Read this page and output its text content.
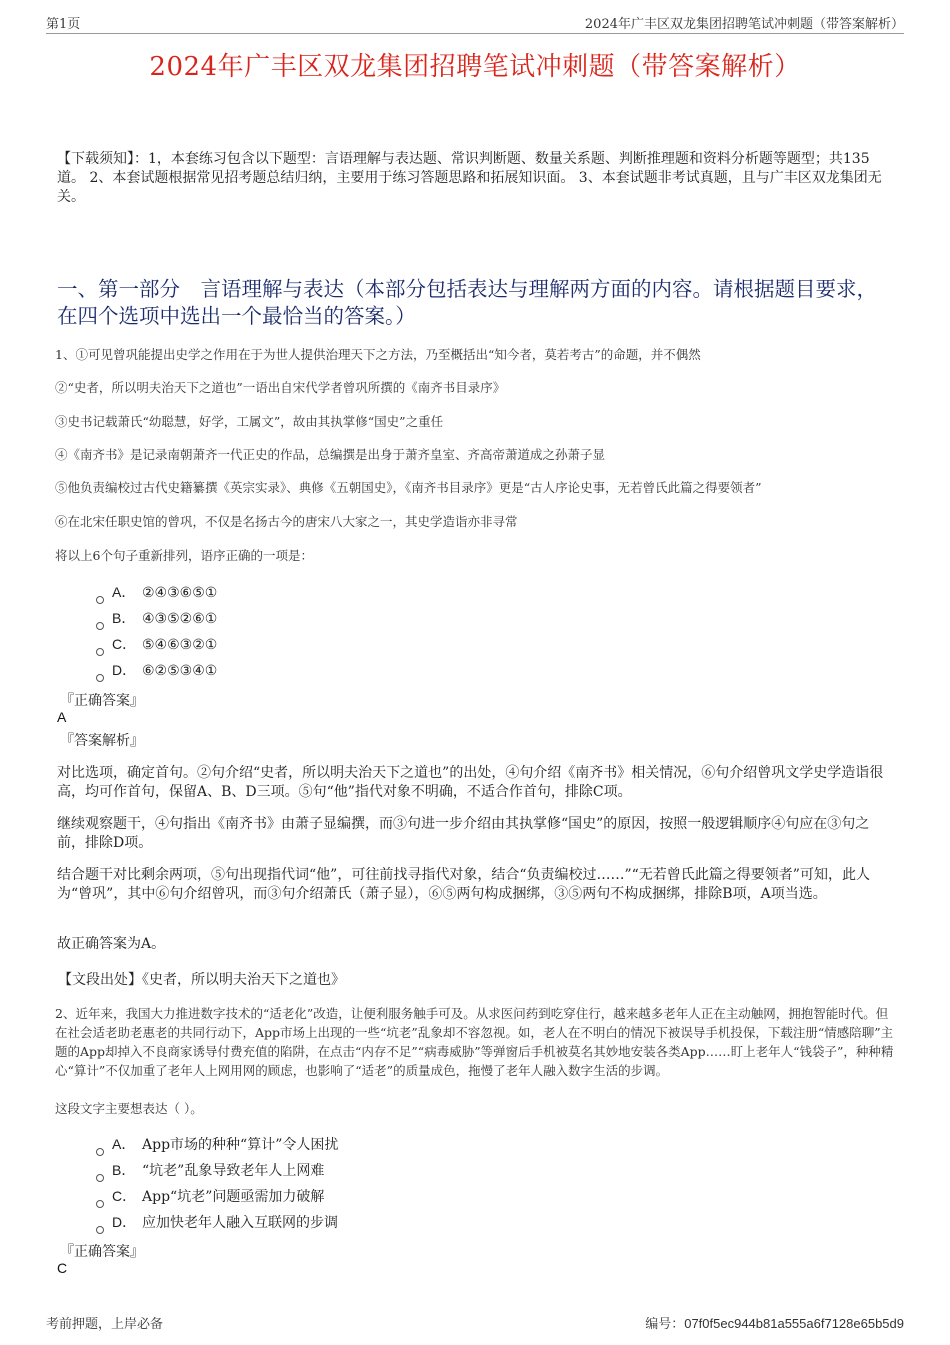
第1页	2024年广丰区双龙集团招聘笔试冲刺题（带答案解析）
2024年广丰区双龙集团招聘笔试冲刺题（带答案解析）
【下载须知】：1，本套练习包含以下题型：言语理解与表达题、常识判断题、数量关系题、判断推理题和资料分析题等题型；共135道。 2、本套试题根据常见招考题总结归纳，主要用于练习答题思路和拓展知识面。 3、本套试题非考试真题，且与广丰区双龙集团无关。
一、第一部分　言语理解与表达（本部分包括表达与理解两方面的内容。请根据题目要求，在四个选项中选出一个最恰当的答案。）
1、①可见曾巩能提出史学之作用在于为世人提供治理天下之方法，乃至概括出“知今者，莫若考古”的命题，并不偶然
②“史者，所以明夫治天下之道也”一语出自宋代学者曾巩所撰的《南齐书目录序》
③史书记载萧氏“幼聪慧，好学，工属文”，故由其执掌修“国史”之重任
④《南齐书》是记录南朝萧齐一代正史的作品，总编撰是出身于萧齐皇室、齐高帝萧道成之孙萧子显
⑤他负责编校过古代史籍纂撰《英宗实录》、典修《五朝国史》，《南齐书目录序》更是“古人序论史事，无若曾氏此篇之得要领者”
⑥在北宋任职史馆的曾巩，不仅是名扬古今的唐宋八大家之一，其史学造诣亦非寻常
将以上6个句子重新排列，语序正确的一项是：
A． ②④③⑥⑤①
B． ④③⑤②⑥①
C． ⑤④⑥③②①
D． ⑥②⑤③④①
『正确答案』
A
『答案解析』
对比选项，确定首句。②句介绍“史者，所以明夫治天下之道也”的出处，④句介绍《南齐书》相关情况，⑥句介绍曾巩文学史学造诣很高，均可作首句，保留A、B、D三项。⑤句“他”指代对象不明确，不适合作首句，排除C项。
继续观察题干，④句指出《南齐书》由萧子显编撰，而③句进一步介绍由其执掌修“国史”的原因，按照一般逻辑顺序④句应在③句之前，排除D项。
结合题干对比剩余两项，⑤句出现指代词“他”，可往前找寻指代对象，结合“负责编校过……”“无若曾氏此篇之得要领者”可知，此人为“曾巩”，其中⑥句介绍曾巩，而③句介绍萧氏（萧子显），⑥⑤两句构成捆绑，③⑤两句不构成捆绑，排除B项，A项当选。
故正确答案为A。
【文段出处】《史者，所以明夫治天下之道也》
2、近年来，我国大力推进数字技术的“适老化”改造，让便利服务触手可及。从求医问药到吃穿住行，越来越多老年人正在主动触网，拥抱智能时代。但在社会适老助老惠老的共同行动下，App市场上出现的一些“坑老”乱象却不容忽视。如，老人在不明白的情况下被误导手机投保，下载注册“情感陪聊”主题的App却掉入不良商家诱导付费充值的陷阱，在点击“内存不足”“病毒威胁”等弹窗后手机被莫名其妙地安装各类App……盯上老年人“钱袋子”，种种精心“算计”不仅加重了老年人上网用网的顾虑，也影响了“适老”的质量成色，拖慢了老年人融入数字生活的步调。
这段文字主要想表达（ ）。
A． App市场的种种“算计”令人困扰
B． “坑老”乱象导致老年人上网难
C． App“坑老”问题亟需加力破解
D． 应加快老年人融入互联网的步调
『正确答案』
C
考前押题，上岸必备	编号：07f0f5ec944b81a555a6f7128e65b5d9
